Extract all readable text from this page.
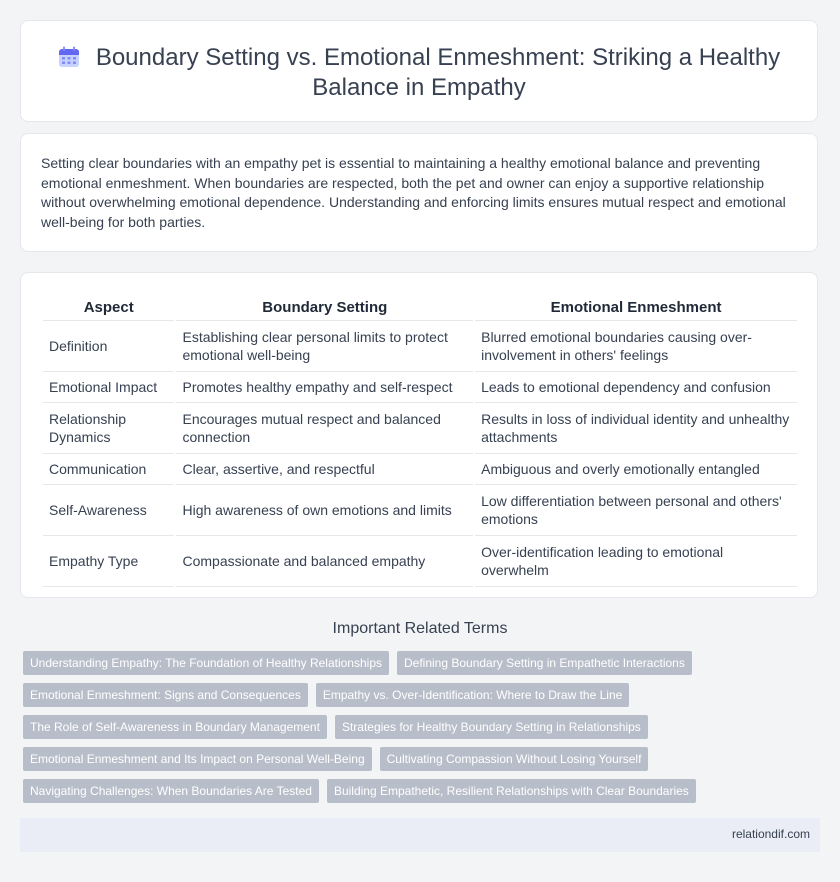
Boundary Setting vs. Emotional Enmeshment: Striking a Healthy Balance in Empathy

Setting clear boundaries with an empathy pet is essential to maintaining a healthy emotional balance and preventing emotional enmeshment. When boundaries are respected, both the pet and owner can enjoy a supportive relationship without overwhelming emotional dependence. Understanding and enforcing limits ensures mutual respect and emotional well-being for both parties.

Aspect	Boundary Setting	Emotional Enmeshment
Definition	Establishing clear personal limits to protect emotional well-being	Blurred emotional boundaries causing over-involvement in others' feelings
Emotional Impact	Promotes healthy empathy and self-respect	Leads to emotional dependency and confusion
Relationship Dynamics	Encourages mutual respect and balanced connection	Results in loss of individual identity and unhealthy attachments
Communication	Clear, assertive, and respectful	Ambiguous and overly emotionally entangled
Self-Awareness	High awareness of own emotions and limits	Low differentiation between personal and others' emotions
Empathy Type	Compassionate and balanced empathy	Over-identification leading to emotional overwhelm
Important Related Terms
Understanding Empathy: The Foundation of Healthy Relationships Defining Boundary Setting in Empathetic Interactions
Emotional Enmeshment: Signs and Consequences Empathy vs. Over-Identification: Where to Draw the Line
The Role of Self-Awareness in Boundary Management Strategies for Healthy Boundary Setting in Relationships
Emotional Enmeshment and Its Impact on Personal Well-Being Cultivating Compassion Without Losing Yourself
Navigating Challenges: When Boundaries Are Tested Building Empathetic, Resilient Relationships with Clear Boundaries
relationdif.com
